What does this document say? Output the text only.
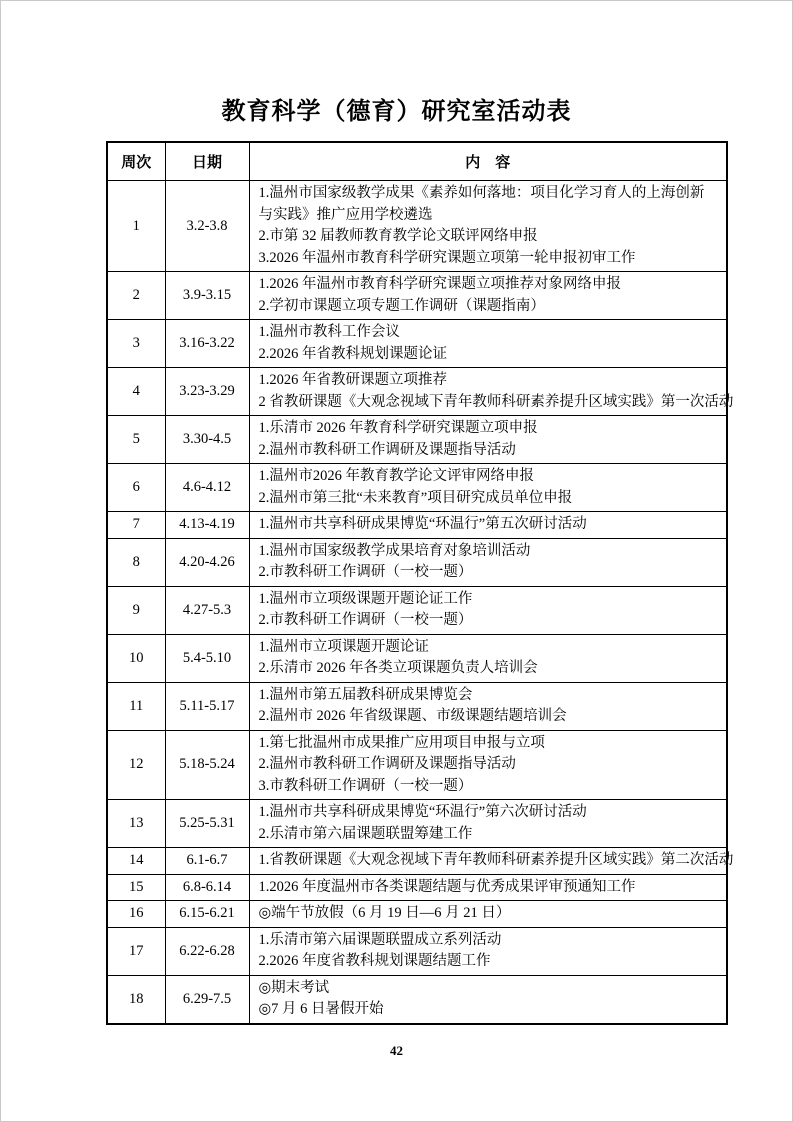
教育科学（德育）研究室活动表
周次	日期	内　容
1	3.2-3.8	1.温州市国家级教学成果《素养如何落地：项目化学习育人的上海创新与实践》推广应用学校遴选
2.市第 32 届教师教育教学论文联评网络申报
3.2026 年温州市教育科学研究课题立项第一轮申报初审工作

2	3.9-3.15	1.2026 年温州市教育科学研究课题立项推荐对象网络申报
2.学初市课题立项专题工作调研（课题指南）

3	3.16-3.22	1.温州市教科工作会议
2.2026 年省教科规划课题论证

4	3.23-3.29	1.2026 年省教研课题立项推荐
2 省教研课题《大观念视域下青年教师科研素养提升区域实践》第一次活动

5	3.30-4.5	1.乐清市 2026 年教育科学研究课题立项申报
2.温州市教科研工作调研及课题指导活动

6	4.6-4.12	1.温州市2026 年教育教学论文评审网络申报
2.温州市第三批“未来教育”项目研究成员单位申报

7	4.13-4.19	1.温州市共享科研成果博览“环温行”第五次研讨活动

8	4.20-4.26	1.温州市国家级教学成果培育对象培训活动
2.市教科研工作调研（一校一题）

9	4.27-5.3	1.温州市立项级课题开题论证工作
2.市教科研工作调研（一校一题）

10	5.4-5.10	1.温州市立项课题开题论证
2.乐清市 2026 年各类立项课题负责人培训会

11	5.11-5.17	1.温州市第五届教科研成果博览会
2.温州市 2026 年省级课题、市级课题结题培训会

12	5.18-5.24	1.第七批温州市成果推广应用项目申报与立项
2.温州市教科研工作调研及课题指导活动
3.市教科研工作调研（一校一题）

13	5.25-5.31	1.温州市共享科研成果博览“环温行”第六次研讨活动
2.乐清市第六届课题联盟筹建工作

14	6.1-6.7	1.省教研课题《大观念视域下青年教师科研素养提升区域实践》第二次活动

15	6.8-6.14	1.2026 年度温州市各类课题结题与优秀成果评审预通知工作

16	6.15-6.21	◎端午节放假（6 月 19 日—6 月 21 日）

17	6.22-6.28	1.乐清市第六届课题联盟成立系列活动
2.2026 年度省教科规划课题结题工作

18	6.29-7.5	◎期末考试
◎7 月 6 日暑假开始
42
